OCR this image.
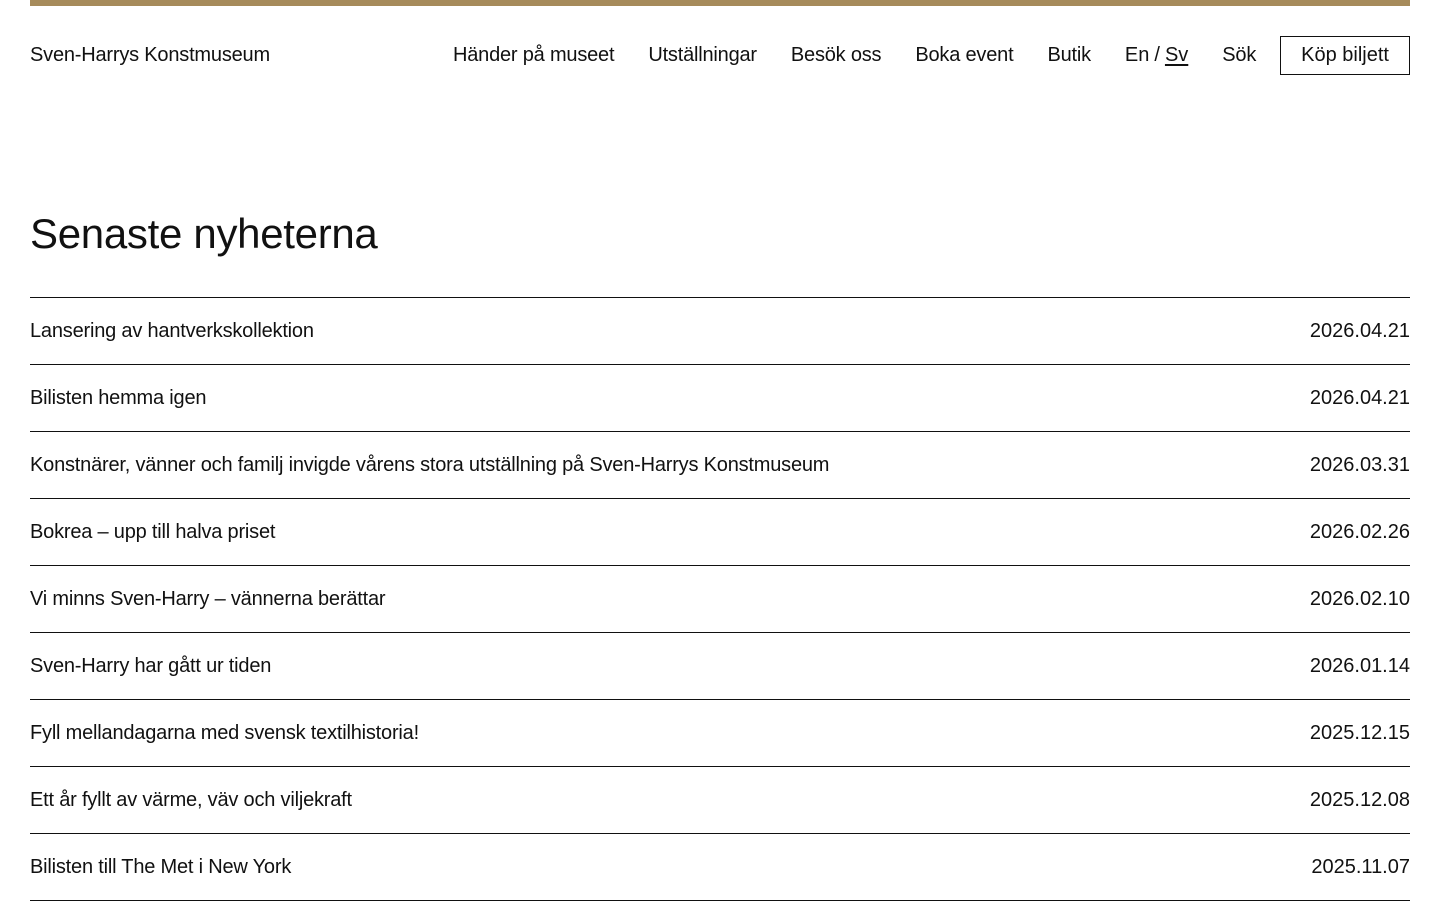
Sven-Harrys Konstmuseum	Händer på museet Utställningar Besök oss Boka event Butik En / Sv Sök	Köp biljett
Senaste nyheterna
Lansering av hantverkskollektion	2026.04.21
Bilisten hemma igen	2026.04.21
Konstnärer, vänner och familj invigde vårens stora utställning på Sven-Harrys Konstmuseum	2026.03.31
Bokrea – upp till halva priset	2026.02.26
Vi minns Sven-Harry – vännerna berättar	2026.02.10
Sven-Harry har gått ur tiden	2026.01.14
Fyll mellandagarna med svensk textilhistoria!	2025.12.15
Ett år fyllt av värme, väv och viljekraft	2025.12.08
Bilisten till The Met i New York	2025.11.07
